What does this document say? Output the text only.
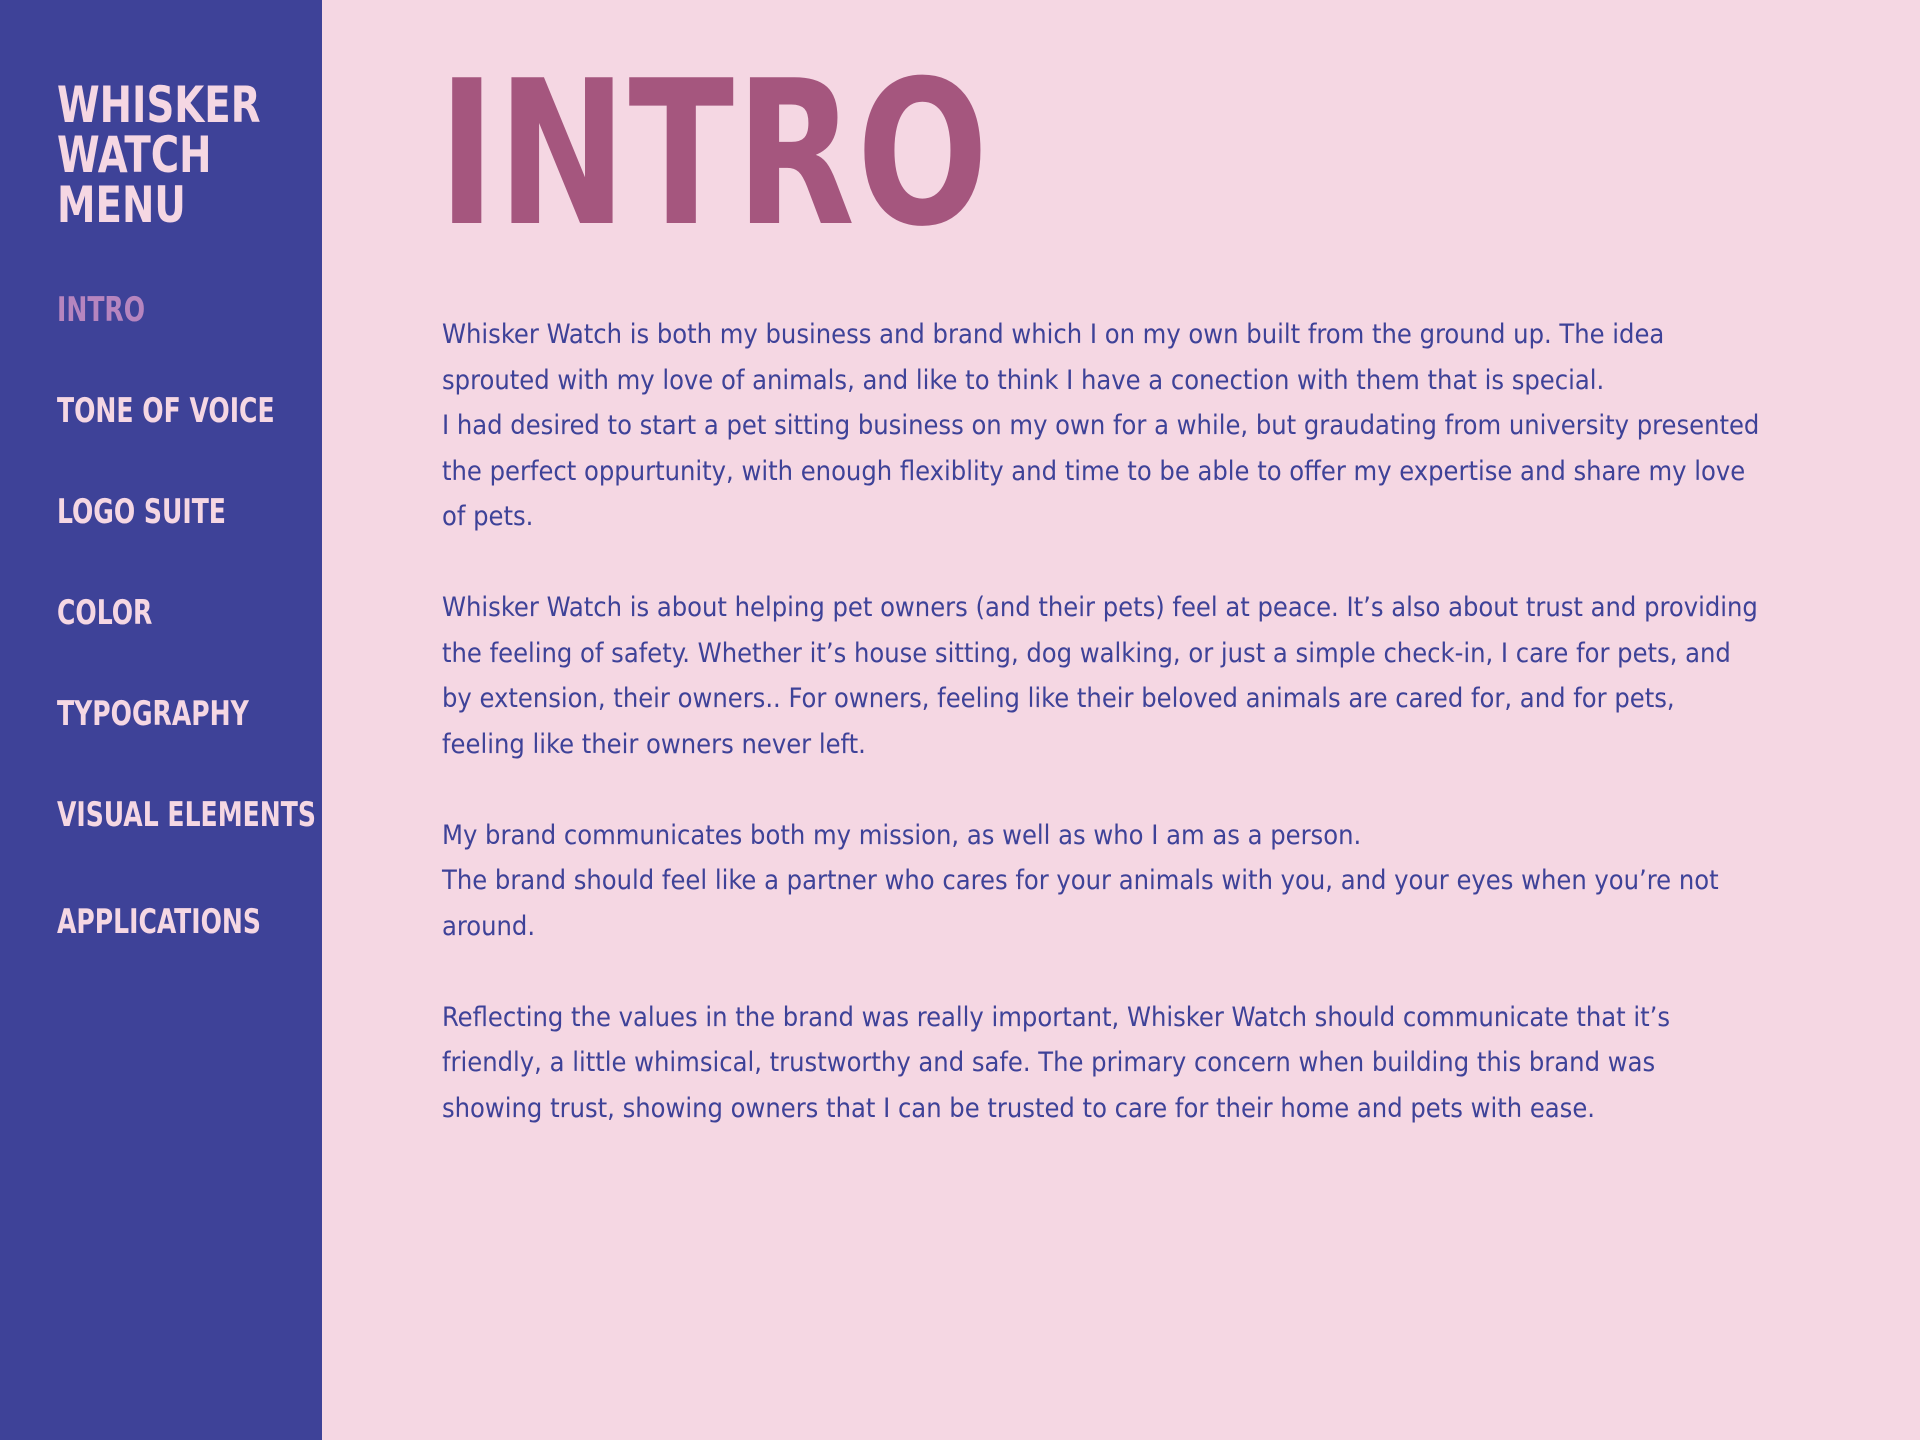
WHISKER
WATCH
MENU
INTRO
TONE OF VOICE
LOGO SUITE
COLOR
TYPOGRAPHY
VISUAL ELEMENTS
APPLICATIONS
INTRO

Whisker Watch is both my business and brand which I on my own built from the ground up. The idea sprouted with my love of animals, and like to think I have a conection with them that is special.
I had desired to start a pet sitting business on my own for a while, but graudating from university presented the perfect oppurtunity, with enough flexiblity and time to be able to offer my expertise and share my love of pets.

Whisker Watch is about helping pet owners (and their pets) feel at peace. It’s also about trust and providing the feeling of safety. Whether it’s house sitting, dog walking, or just a simple check-in, I care for pets, and by extension, their owners.. For owners, feeling like their beloved animals are cared for, and for pets, feeling like their owners never left.

My brand communicates both my mission, as well as who I am as a person.
The brand should feel like a partner who cares for your animals with you, and your eyes when you’re not around.

Reflecting the values in the brand was really important, Whisker Watch should communicate that it’s friendly, a little whimsical, trustworthy and safe. The primary concern when building this brand was showing trust, showing owners that I can be trusted to care for their home and pets with ease.
